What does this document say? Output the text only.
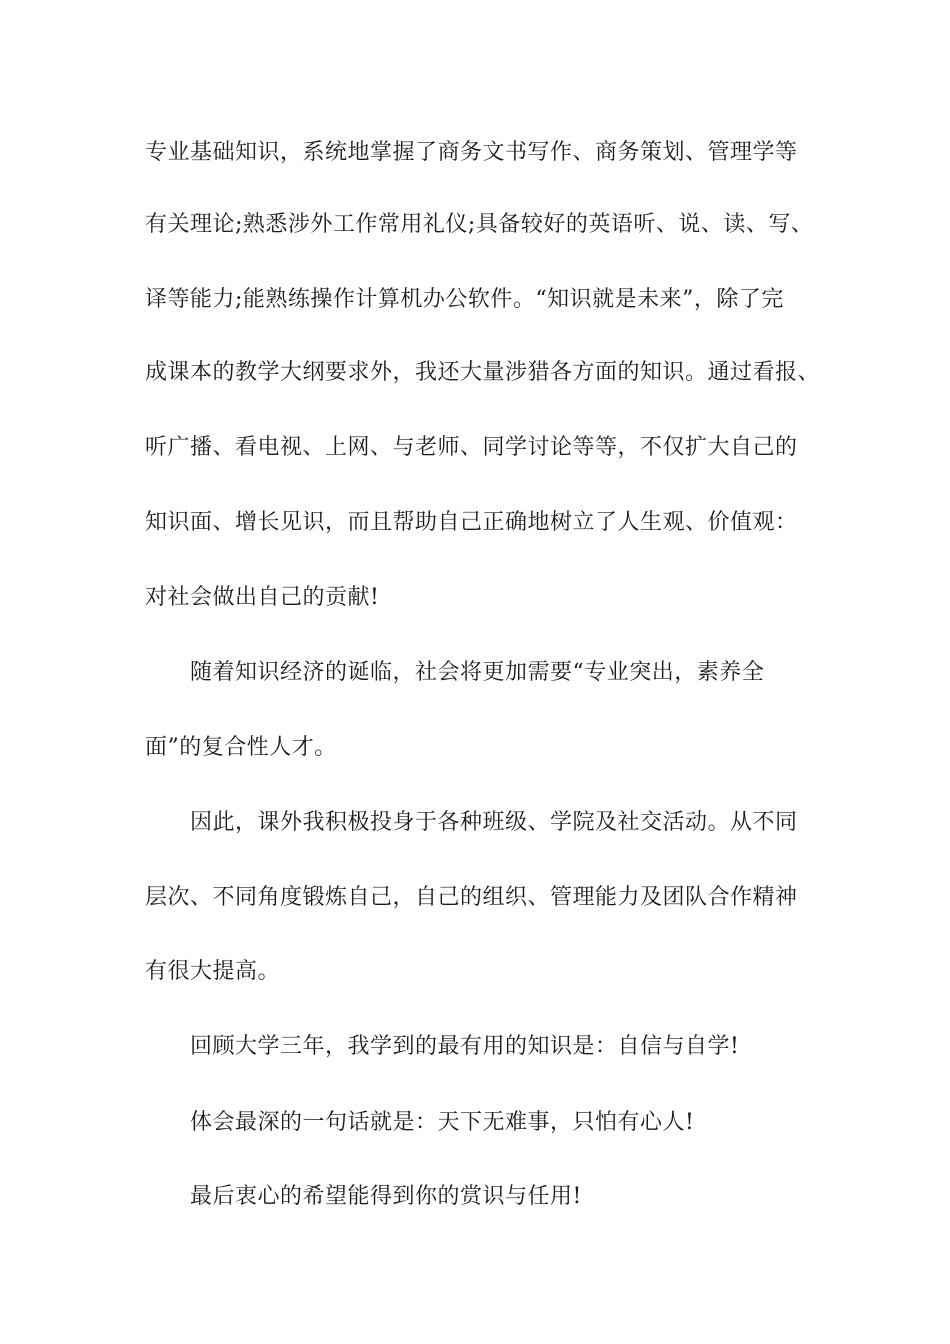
专业基础知识，系统地掌握了商务文书写作、商务策划、管理学等

有关理论;熟悉涉外工作常用礼仪;具备较好的英语听、说、读、写、

译等能力;能熟练操作计算机办公软件。“知识就是未来”，除了完

成课本的教学大纲要求外，我还大量涉猎各方面的知识。通过看报、

听广播、看电视、上网、与老师、同学讨论等等，不仅扩大自己的

知识面、增长见识，而且帮助自己正确地树立了人生观、价值观：

对社会做出自己的贡献!

随着知识经济的诞临，社会将更加需要“专业突出，素养全

面”的复合性人才。

因此，课外我积极投身于各种班级、学院及社交活动。从不同

层次、不同角度锻炼自己，自己的组织、管理能力及团队合作精神

有很大提高。

回顾大学三年，我学到的最有用的知识是：自信与自学!

体会最深的一句话就是：天下无难事，只怕有心人!

最后衷心的希望能得到你的赏识与任用!
